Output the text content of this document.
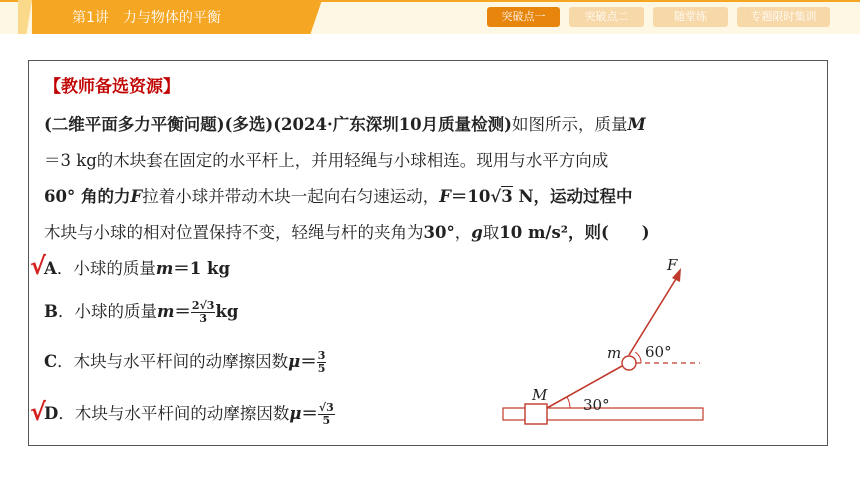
第1讲 力与物体的平衡	突破点一	突破点二	随堂练	专题限时集训
【教师备选资源】
(二维平面多力平衡问题)(多选)(2024·广东深圳10月质量检测)如图所示，质量M
＝3 kg的木块套在固定的水平杆上，并用轻绳与小球相连。现用与水平方向成
60° 角的力F拉着小球并带动木块一起向右匀速运动，F＝10√3 N，运动过程中
木块与小球的相对位置保持不变，轻绳与杆的夹角为30°，g取10 m/s²，则(　　)
A．小球的质量m＝1 kg
√
B．小球的质量$m= \frac{2√3}{3}$ kg
C．木块与水平杆间的动摩擦因数$\mu= \frac{3}{5}$
D．木块与水平杆间的动摩擦因数$\mu= \frac{√3}{5}$
√
F
m 60°
M
30°
